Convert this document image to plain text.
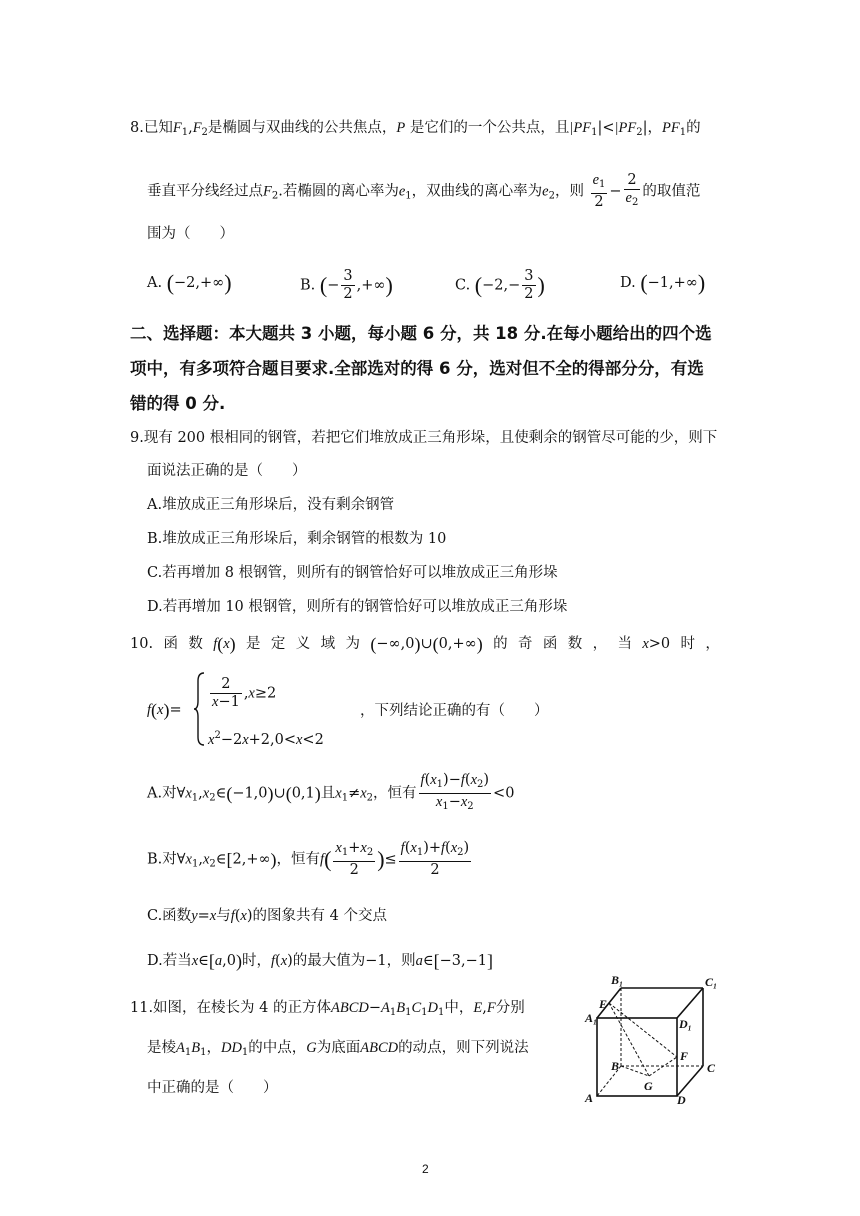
8.已知$F_1,F_2$是椭圆与双曲线的公共焦点，P 是它们的一个公共点，且$|PF_1|<|PF_2|$，$PF_1$的
垂直平分线经过点$F_2$.若椭圆的离心率为$e_1$，双曲线的离心率为$e_2$，则 $\frac{e_1}{2} - \frac{2}{e_2}$ 的取值范
围为（　　）
A. (−2,+∞)	B. (− $\frac{3}{2}$ ,+∞)	C. ($-2,- \frac{3}{2}$ )	D. (−1,+∞)
二、选择题：本大题共 3 小题，每小题 6 分，共 18 分.在每小题给出的四个选
项中，有多项符合题目要求.全部选对的得 6 分，选对但不全的得部分分，有选
错的得 0 分.
9.现有 200 根相同的钢管，若把它们堆放成正三角形垛，且使剩余的钢管尽可能的少，则下
面说法正确的是（　　）
A.堆放成正三角形垛后，没有剩余钢管
B.堆放成正三角形垛后，剩余钢管的根数为 10
C.若再增加 8 根钢管，则所有的钢管恰好可以堆放成正三角形垛
D.若再增加 10 根钢管，则所有的钢管恰好可以堆放成正三角形垛
10. 函 数 f(x) 是 定 义 域 为 (−∞,0)∪(0,+∞) 的 奇 函 数 ， 当 x>0 时 ，
$f(x)= \frac{2}{x-1} ,x\ge 2$
$x^2-2x+2,0<x<2$
，下列结论正确的有（　　）
A.对$\forall x_1,x_2\in(-1,0)\cup(0,1)$且$x_1\ne x_2$，恒有 $\frac{f(x_1)-f(x_2)}{x_1-x_2} <0$
B.对$\forall x_1,x_2\in[2,+\infty)$，恒有$f( \frac{x_1+x_2}{2}$ )≤ $\frac{f(x_1)+f(x_2)}{2}$
C.函数y=x与f(x)的图象共有 4 个交点
D.若当x∈[a,0)时，f(x)的最大值为−1，则a∈[−3,−1]
11.如图，在棱长为 4 的正方体$ABCD-A_1B_1C_1D_1$中，E,F分别
是棱$A_1B_1$，$DD_1$的中点，G为底面ABCD的动点，则下列说法
中正确的是（　　）
B₁	C₁
E
A₁	D₁
F
B	C
G
A	D
2
